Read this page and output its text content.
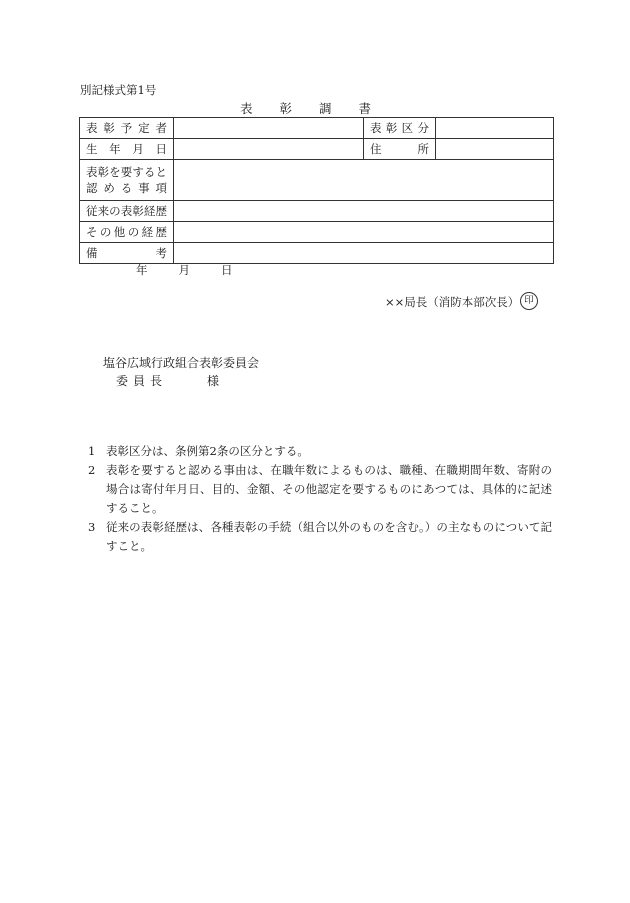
別記様式第1号
表彰調書
表彰予定者		表彰区分	

生年月日		住　　所	

表彰を要すると
認める事項			

従来の表彰経歴			

その他の経歴			

備　　考			

年	月	日
××局長（消防本部次長） 印
塩谷広域行政組合表彰委員会
委員長	様
1 表彰区分は、条例第2条の区分とする。
2 表彰を要すると認める事由は、在職年数によるものは、職種、在職期間年数、寄附の場合は寄付年月日、目的、金額、その他認定を要するものにあつては、具体的に記述すること。
3 従来の表彰経歴は、各種表彰の手続（組合以外のものを含む。）の主なものについて記すこと。
